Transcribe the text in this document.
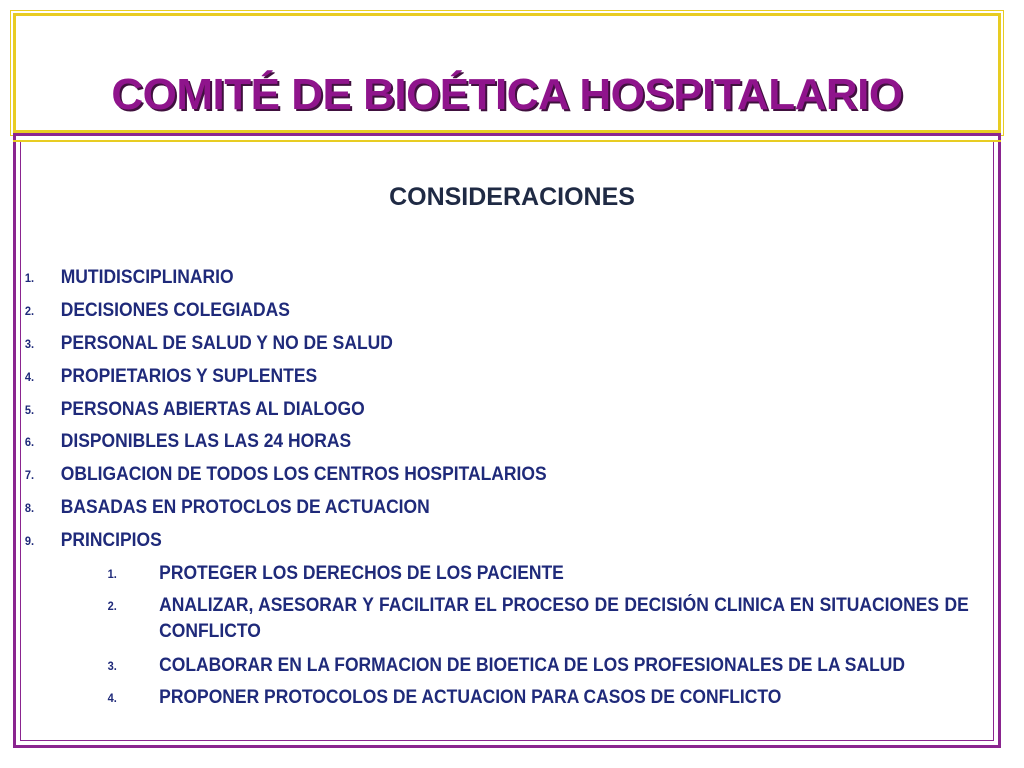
COMITÉ DE BIOÉTICA HOSPITALARIO
CONSIDERACIONES
1. MUTIDISCIPLINARIO
2. DECISIONES COLEGIADAS
3. PERSONAL DE SALUD Y NO DE SALUD
4. PROPIETARIOS Y SUPLENTES
5. PERSONAS ABIERTAS AL DIALOGO
6. DISPONIBLES LAS LAS 24 HORAS
7. OBLIGACION DE TODOS LOS CENTROS HOSPITALARIOS
8. BASADAS EN PROTOCLOS DE ACTUACION
9. PRINCIPIOS
1. PROTEGER LOS DERECHOS DE LOS PACIENTE
2. ANALIZAR, ASESORAR Y FACILITAR EL PROCESO DE DECISIÓN CLINICA EN SITUACIONES DE CONFLICTO
3. COLABORAR EN LA FORMACION DE BIOETICA DE LOS PROFESIONALES DE LA SALUD
4. PROPONER PROTOCOLOS DE ACTUACION PARA CASOS DE CONFLICTO
